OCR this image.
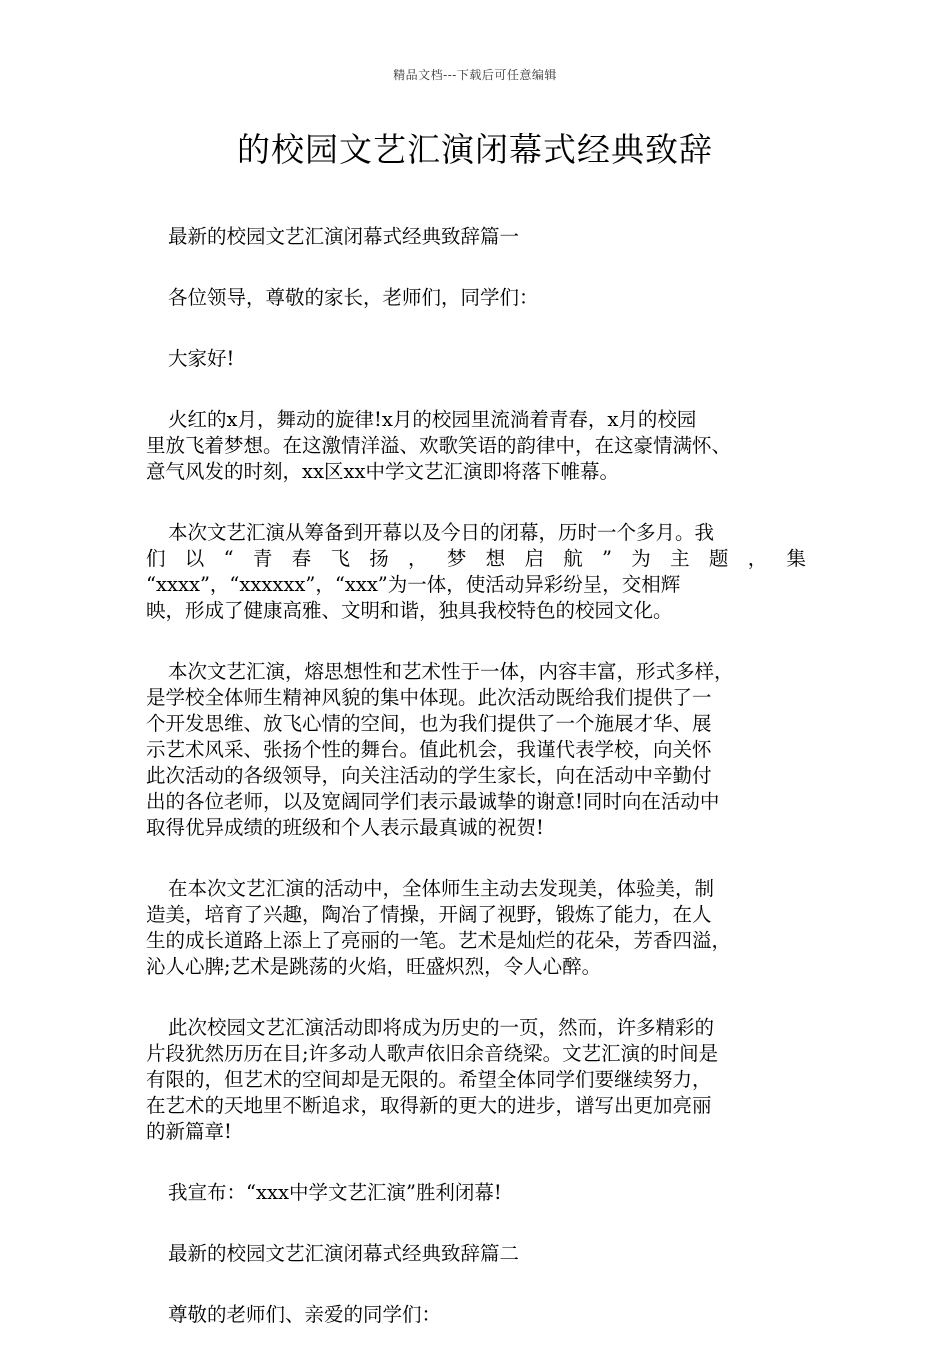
精品文档---下载后可任意编辑
的校园文艺汇演闭幕式经典致辞
最新的校园文艺汇演闭幕式经典致辞篇一
各位领导，尊敬的家长，老师们，同学们：
大家好!
火红的x月，舞动的旋律!x月的校园里流淌着青春，x月的校园
里放飞着梦想。在这激情洋溢、欢歌笑语的韵律中，在这豪情满怀、
意气风发的时刻，xx区xx中学文艺汇演即将落下帷幕。
本次文艺汇演从筹备到开幕以及今日的闭幕，历时一个多月。我
们 以 “ 青 春 飞 扬 ， 梦 想 启 航 ” 为 主 题 ， 集
“xxxx”，“xxxxxx”，“xxx”为一体，使活动异彩纷呈，交相辉
映，形成了健康高雅、文明和谐，独具我校特色的校园文化。
本次文艺汇演，熔思想性和艺术性于一体，内容丰富，形式多样，
是学校全体师生精神风貌的集中体现。此次活动既给我们提供了一
个开发思维、放飞心情的空间，也为我们提供了一个施展才华、展
示艺术风采、张扬个性的舞台。值此机会，我谨代表学校，向关怀
此次活动的各级领导，向关注活动的学生家长，向在活动中辛勤付
出的各位老师，以及宽阔同学们表示最诚挚的谢意!同时向在活动中
取得优异成绩的班级和个人表示最真诚的祝贺!
在本次文艺汇演的活动中，全体师生主动去发现美，体验美，制
造美，培育了兴趣，陶冶了情操，开阔了视野，锻炼了能力，在人
生的成长道路上添上了亮丽的一笔。艺术是灿烂的花朵，芳香四溢，
沁人心脾;艺术是跳荡的火焰，旺盛炽烈，令人心醉。
此次校园文艺汇演活动即将成为历史的一页，然而，许多精彩的
片段犹然历历在目;许多动人歌声依旧余音绕梁。文艺汇演的时间是
有限的，但艺术的空间却是无限的。希望全体同学们要继续努力，
在艺术的天地里不断追求，取得新的更大的进步，谱写出更加亮丽
的新篇章!
我宣布：“xxx中学文艺汇演”胜利闭幕!
最新的校园文艺汇演闭幕式经典致辞篇二
尊敬的老师们、亲爱的同学们：
